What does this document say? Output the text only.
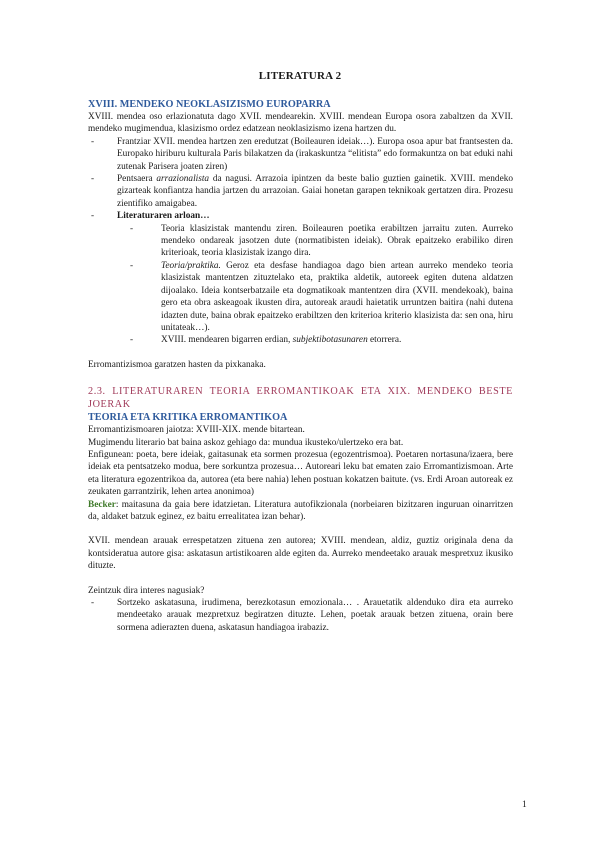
LITERATURA 2

XVIII. MENDEKO NEOKLASIZISMO EUROPARRA

XVIII. mendea oso erlazionatuta dago XVII. mendearekin. XVIII. mendean Europa osora zabaltzen da XVII. mendeko mugimendua, klasizismo ordez edatzean neoklasizismo izena hartzen du.

- Frantziar XVII. mendea hartzen zen eredutzat (Boileauren ideiak…). Europa osoa apur bat frantsesten da. Europako hiriburu kulturala Paris bilakatzen da (irakaskuntza “elitista” edo formakuntza on bat eduki nahi zutenak Parisera joaten ziren)
- Pentsaera arrazionalista da nagusi. Arrazoia ipintzen da beste balio guztien gainetik. XVIII. mendeko gizarteak konfiantza handia jartzen du arrazoian. Gaiai honetan garapen teknikoak gertatzen dira. Prozesu zientifiko amaigabea.
- Literaturaren arloan…
-	Teoria klasizistak mantendu ziren. Boileauren poetika erabiltzen jarraitu zuten. Aurreko mendeko ondareak jasotzen dute (normatibisten ideiak). Obrak epaitzeko erabiliko diren kriterioak, teoria klasizistak izango dira.
-	Teoria/praktika. Geroz eta desfase handiagoa dago bien artean aurreko mendeko teoria klasizistak mantentzen zituztelako eta, praktika aldetik, autoreek egiten dutena aldatzen dijoalako. Ideia kontserbatzaile eta dogmatikoak mantentzen dira (XVII. mendekoak), baina gero eta obra askeagoak ikusten dira, autoreak araudi haietatik urruntzen baitira (nahi dutena idazten dute, baina obrak epaitzeko erabiltzen den kriterioa kriterio klasizista da: sen ona, hiru unitateak…).
-	XVIII. mendearen bigarren erdian, subjektibotasunaren etorrera.

Erromantizismoa garatzen hasten da pixkanaka.

2.3. LITERATURAREN TEORIA ERROMANTIKOAK ETA XIX. MENDEKO BESTE JOERAK

TEORIA ETA KRITIKA ERROMANTIKOA

Erromantizismoaren jaiotza: XVIII-XIX. mende bitartean.

Mugimendu literario bat baina askoz gehiago da: munduа ikusteko/ulertzeko era bat.

Enfigunean: poeta, bere ideiak, gaitasunak eta sormen prozesua (egozentrismoa). Poetaren nortasuna/izaera, bere ideiak eta pentsatzeko modua, bere sorkuntza prozesua… Autoreari leku bat ematen zaio Erromantizismoan. Arte eta literatura egozentrikoa da, autorea (eta bere nahia) lehen postuan kokatzen baitute. (vs. Erdi Aroan autoreak ez zeukaten garrantzirik, lehen artea anonimoa)

Becker: maitasuna da gaia bere idatzietan. Literatura autofikzionala (norbeiaren bizitzaren inguruan oinarritzen da, aldaket batzuk eginez, ez baitu errealitatea izan behar).

XVII. mendean arauak errespetatzen zituena zen autorea; XVIII. mendean, aldiz, guztiz originala dena da kontsideratua autore gisa: askatasun artistikoaren alde egiten da. Aurreko mendeetako arauak mespretxuz ikusiko dituzte.

Zeintzuk dira interes nagusiak?

- Sortzeko askatasuna, irudimena, berezkotasun emozionala… . Arauetatik aldenduko dira eta aurreko mendeetako arauak mezpretxuz begiratzen dituzte. Lehen, poetak arauak betzen zituena, orain bere sormena adierazten duena, askatasun handiagoa irabaziz.
1
